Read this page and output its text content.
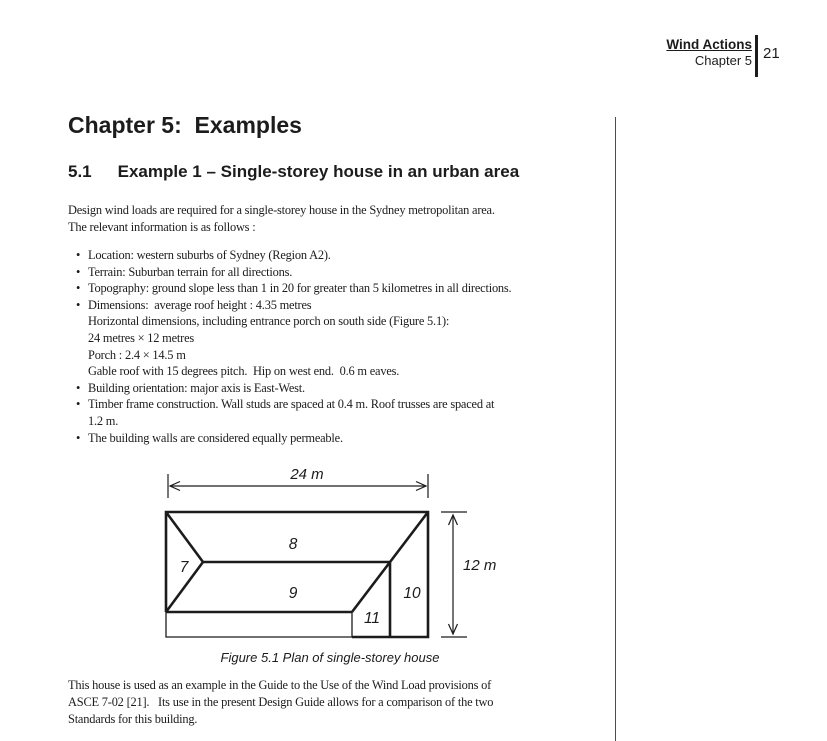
Wind Actions
Chapter 5 21
Chapter 5:  Examples
5.1 Example 1 – Single-storey house in an urban area
Design wind loads are required for a single-storey house in the Sydney metropolitan area.
The relevant information is as follows :
• Location: western suburbs of Sydney (Region A2).
• Terrain: Suburban terrain for all directions.
• Topography: ground slope less than 1 in 20 for greater than 5 kilometres in all directions.
• Dimensions:  average roof height : 4.35 metres
Horizontal dimensions, including entrance porch on south side (Figure 5.1):
24 metres × 12 metres
Porch : 2.4 × 14.5 m
Gable roof with 15 degrees pitch.  Hip on west end.  0.6 m eaves.
• Building orientation: major axis is East-West.
• Timber frame construction. Wall studs are spaced at 0.4 m. Roof trusses are spaced at
1.2 m.
• The building walls are considered equally permeable.
24 m
12 m
7
8
9	10
11
Figure 5.1 Plan of single-storey house
This house is used as an example in the Guide to the Use of the Wind Load provisions of
ASCE 7-02 [21].   Its use in the present Design Guide allows for a comparison of the two
Standards for this building.
